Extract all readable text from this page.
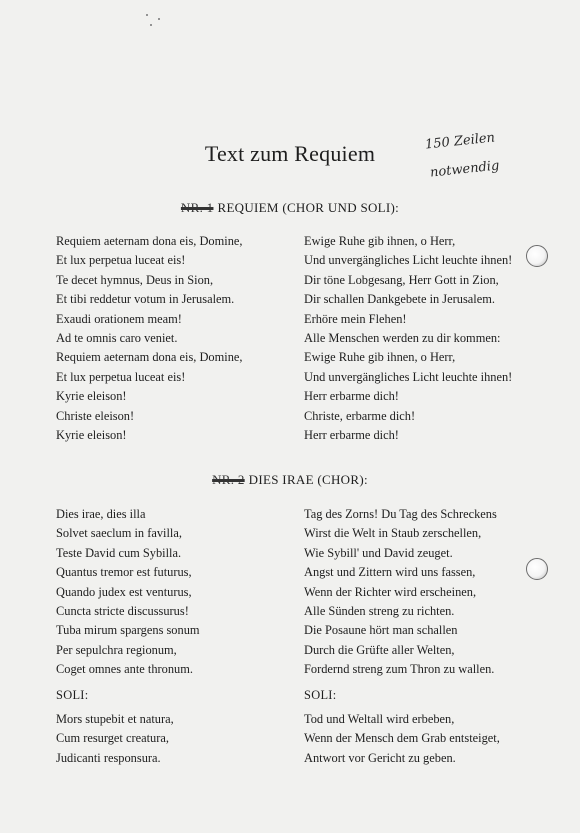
Text zum Requiem	150 Zeilen
notwendig
NR. 1 REQUIEM (CHOR UND SOLI):
Requiem aeternam dona eis, Domine,
Et lux perpetua luceat eis!
Te decet hymnus, Deus in Sion,
Et tibi reddetur votum in Jerusalem.
Exaudi orationem meam!
Ad te omnis caro veniet.
Requiem aeternam dona eis, Domine,
Et lux perpetua luceat eis!
Kyrie eleison!
Christe eleison!
Kyrie eleison!
Ewige Ruhe gib ihnen, o Herr,
Und unvergängliches Licht leuchte ihnen!
Dir töne Lobgesang, Herr Gott in Zion,
Dir schallen Dankgebete in Jerusalem.
Erhöre mein Flehen!
Alle Menschen werden zu dir kommen:
Ewige Ruhe gib ihnen, o Herr,
Und unvergängliches Licht leuchte ihnen!
Herr erbarme dich!
Christe, erbarme dich!
Herr erbarme dich!
NR. 2 DIES IRAE (CHOR):
Dies irae, dies illa
Solvet saeclum in favilla,
Teste David cum Sybilla.
Quantus tremor est futurus,
Quando judex est venturus,
Cuncta stricte discussurus!
Tuba mirum spargens sonum
Per sepulchra regionum,
Coget omnes ante thronum.
Tag des Zorns! Du Tag des Schreckens
Wirst die Welt in Staub zerschellen,
Wie Sybill' und David zeuget.
Angst und Zittern wird uns fassen,
Wenn der Richter wird erscheinen,
Alle Sünden streng zu richten.
Die Posaune hört man schallen
Durch die Grüfte aller Welten,
Fordernd streng zum Thron zu wallen.
SOLI:	SOLI:
Mors stupebit et natura,
Cum resurget creatura,
Judicanti responsura.
Tod und Weltall wird erbeben,
Wenn der Mensch dem Grab entsteiget,
Antwort vor Gericht zu geben.
